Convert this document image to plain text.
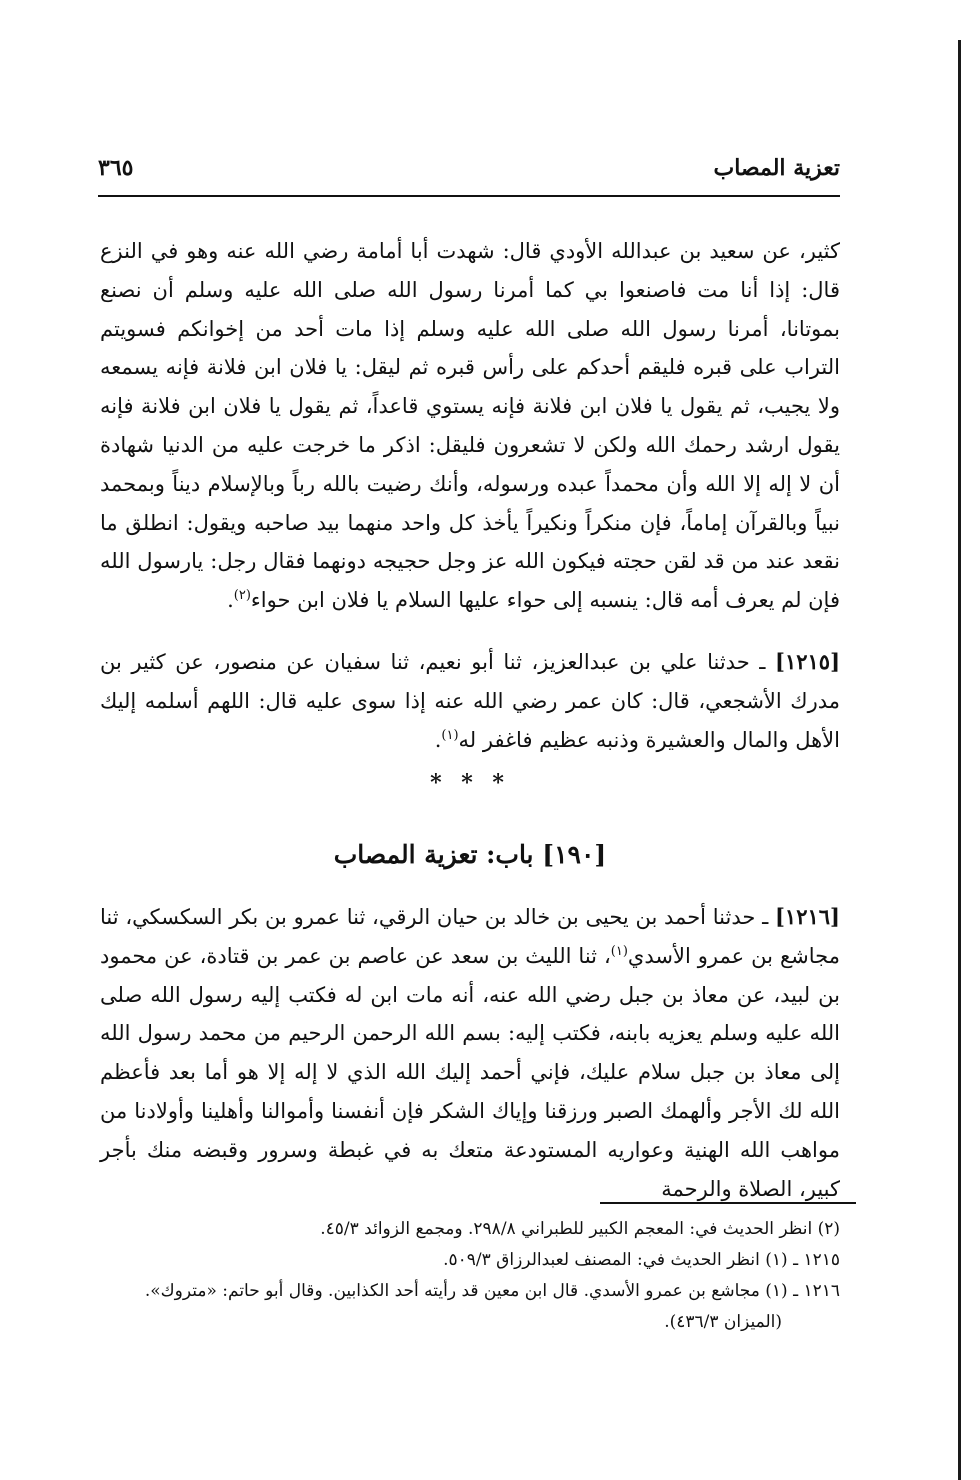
تعزية المصاب
٣٦٥
كثير، عن سعيد بن عبدالله الأودي قال: شهدت أبا أمامة رضي الله عنه وهو في النزع قال: إذا أنا مت فاصنعوا بي كما أمرنا رسول الله صلى الله عليه وسلم أن نصنع بموتانا، أمرنا رسول الله صلى الله عليه وسلم إذا مات أحد من إخوانكم فسويتم التراب على قبره فليقم أحدكم على رأس قبره ثم ليقل: يا فلان ابن فلانة فإنه يسمعه ولا يجيب، ثم يقول يا فلان ابن فلانة فإنه يستوي قاعداً، ثم يقول يا فلان ابن فلانة فإنه يقول ارشد رحمك الله ولكن لا تشعرون فليقل: اذكر ما خرجت عليه من الدنيا شهادة أن لا إله إلا الله وأن محمداً عبده ورسوله، وأنك رضيت بالله رباً وبالإسلام ديناً وبمحمد نبياً وبالقرآن إماماً، فإن منكراً ونكيراً يأخذ كل واحد منهما بيد صاحبه ويقول: انطلق ما نقعد عند من قد لقن حجته فيكون الله عز وجل حجيجه دونهما فقال رجل: يارسول الله فإن لم يعرف أمه قال: ينسبه إلى حواء عليها السلام يا فلان ابن حواء$^{(٢)}$.
[١٢١٥] ـ حدثنا علي بن عبدالعزيز، ثنا أبو نعيم، ثنا سفيان عن منصور، عن كثير بن مدرك الأشجعي، قال: كان عمر رضي الله عنه إذا سوى عليه قال: اللهم أسلمه إليك الأهل والمال والعشيرة وذنبه عظيم فاغفر له$^{(١)}$.
* * *
[١٩٠] باب: تعزية المصاب
[١٢١٦] ـ حدثنا أحمد بن يحيى بن خالد بن حيان الرقي، ثنا عمرو بن بكر السكسكي، ثنا مجاشع بن عمرو الأسدي$^{(١)}$، ثنا الليث بن سعد عن عاصم بن عمر بن قتادة، عن محمود بن لبيد، عن معاذ بن جبل رضي الله عنه، أنه مات ابن له فكتب إليه رسول الله صلى الله عليه وسلم يعزيه بابنه، فكتب إليه: بسم الله الرحمن الرحيم من محمد رسول الله إلى معاذ بن جبل سلام عليك، فإني أحمد إليك الله الذي لا إله إلا هو أما بعد فأعظم الله لك الأجر وألهمك الصبر ورزقنا وإياك الشكر فإن أنفسنا وأموالنا وأهلينا وأولادنا من مواهب الله الهنية وعواريه المستودعة متعك به في غبطة وسرور وقبضه منك بأجر كبير، الصلاة والرحمة

(٢) انظر الحديث في: المعجم الكبير للطبراني ٢٩٨/٨. ومجمع الزوائد ٤٥/٣.

١٢١٥ ـ (١) انظر الحديث في: المصنف لعبدالرزاق ٥٠٩/٣.

١٢١٦ ـ (١) مجاشع بن عمرو الأسدي. قال ابن معين قد رأيته أحد الكذابين. وقال أبو حاتم: «متروك».

(الميزان ٤٣٦/٣).
